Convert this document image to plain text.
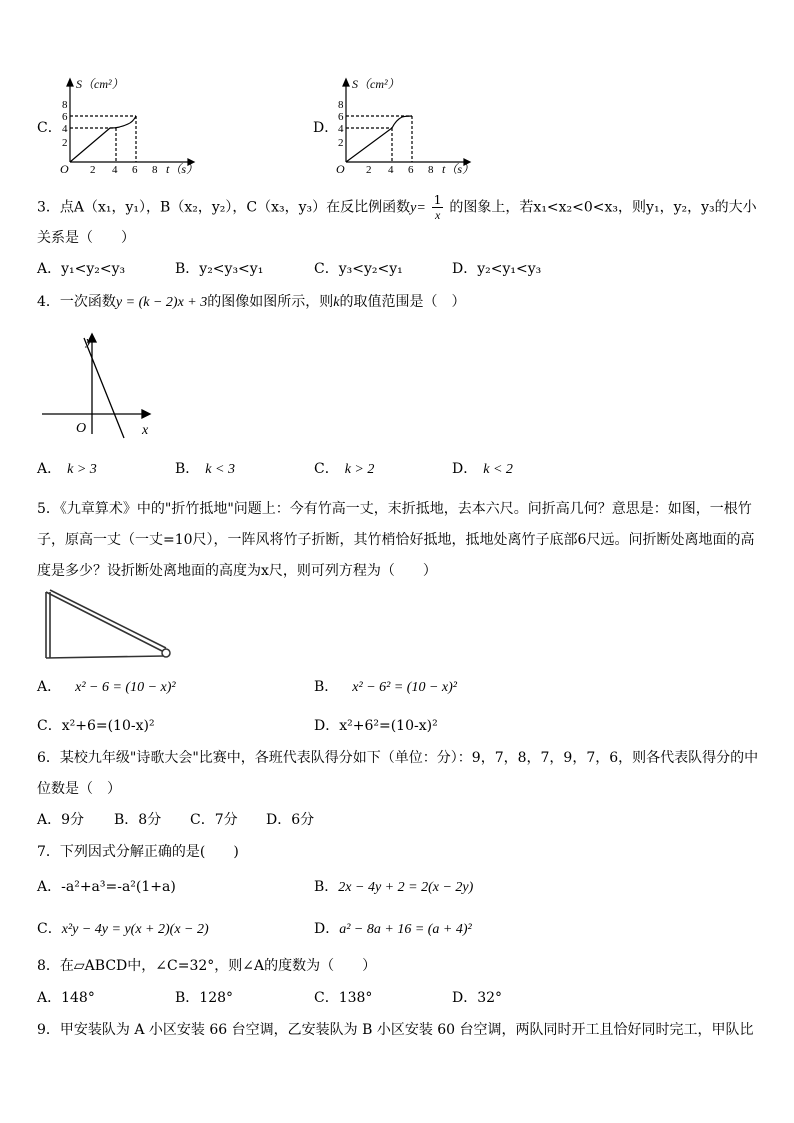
C．
S（cm²）
8
6
4
2
O 2 4 6 8 t（s）
D．
S（cm²）
8
6
4
2
O 2 4 6 8 t（s）
3．点A（x₁，y₁），B（x₂，y₂），C（x₃，y₃）在反比例函数$y= \frac{1}{x}$ 的图象上，若x₁<x₂<0<x₃，则y₁，y₂，y₃的大小
关系是（　　）
A．y₁<y₂<y₃	B．y₂<y₃<y₁	C．y₃<y₂<y₁	D．y₂<y₁<y₃
4．一次函数y = (k − 2)x + 3的图像如图所示，则k的取值范围是（　）
y
x
O
A． k > 3	B． k < 3	C． k > 2	D． k < 2
5．《九章算术》中的"折竹抵地"问题上：今有竹高一丈，末折抵地，去本六尺。问折高几何？意思是：如图，一根竹
子，原高一丈（一丈=10尺），一阵风将竹子折断，其竹梢恰好抵地，抵地处离竹子底部6尺远。问折断处离地面的高
度是多少？设折断处离地面的高度为x尺，则可列方程为（　　）
A． x² − 6 = (10 − x)²	B． x² − 6² = (10 − x)²
C．x²+6=(10-x)²	D．x²+6²=(10-x)²
6．某校九年级"诗歌大会"比赛中，各班代表队得分如下（单位：分）：9，7，8，7，9，7，6，则各代表队得分的中
位数是（　）
A．9分 B．8分 C．7分 D．6分
7．下列因式分解正确的是(　　)
A．-a²+a³=-a²(1+a)	B．2x − 4y + 2 = 2(x − 2y)
C．x²y − 4y = y(x + 2)(x − 2)	D．a² − 8a + 16 = (a + 4)²
8．在▱ABCD中，∠C=32°，则∠A的度数为（　　）
A．148°	B．128°	C．138°	D．32°
9．甲安装队为 A 小区安装 66 台空调，乙安装队为 B 小区安装 60 台空调，两队同时开工且恰好同时完工，甲队比
